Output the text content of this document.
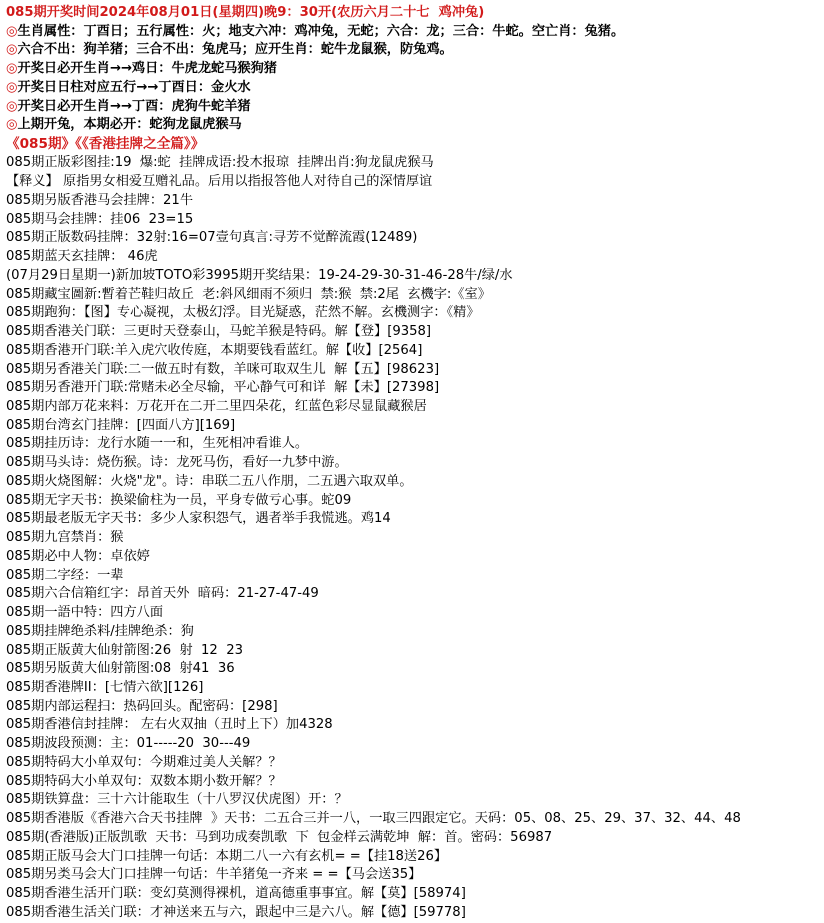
085期开奖时间2024年08月01日(星期四)晚9：30开(农历六月二十七  鸡冲兔)
◎生肖属性：丁酉日；五行属性：火；地支六冲：鸡冲兔，无蛇；六合：龙；三合：牛蛇。空亡肖：兔猪。
◎六合不出：狗羊猪；三合不出：兔虎马；应开生肖：蛇牛龙鼠猴，防兔鸡。
◎开奖日必开生肖→→鸡日：牛虎龙蛇马猴狗猪
◎开奖日日柱对应五行→→丁酉日：金火水
◎开奖日必开生肖→→丁酉：虎狗牛蛇羊猪
◎上期开兔，本期必开：蛇狗龙鼠虎猴马
《085期》《《香港挂牌之全篇》》
085期正版彩图挂:19  爆:蛇  挂牌成语:投木报琼  挂牌出肖:狗龙鼠虎猴马
【释义】 原指男女相爱互赠礼品。后用以指报答他人对待自己的深情厚谊
085期另版香港马会挂牌：21牛
085期马会挂牌：挂06  23=15
085期正版数码挂牌：32射:16=07壹句真言:寻芳不觉醉流霞(12489)
085期蓝天玄挂牌： 46虎
(07月29日星期一)新加坡TOTO彩3995期开奖结果：19-24-29-30-31-46-28牛/绿/水
085期藏宝圖新:暫着芒鞋归故丘  老:斜风细雨不须归  禁:猴  禁:2尾  玄機字:《室》
085期跑狗：【图】专心凝视，太极幻浮。目光疑惑，茫然不解。玄機测字：《精》
085期香港关门联：三更时天登泰山，马蛇羊猴是特码。解【登】[9358]
085期香港开门联:羊入虎穴收传庭，本期要钱看蓝红。解【收】[2564]
085期另香港关门联:二一做五时有数，羊咪可取双生儿  解【五】[98623]
085期另香港开门联:常赌未必全尽输，平心静气可和详  解【未】[27398]
085期内部万花来料：万花开在二开二里四朵花，红蓝色彩尽显鼠藏猴居
085期台湾玄门挂牌：[四面八方][169]
085期挂历诗：龙行水随一一和，生死相冲看谁人。
085期马头诗：烧伤猴。诗：龙死马伤，看好一九梦中游。
085期火烧图解：火烧"龙"。诗：串联二五八作朋，二五遇六取双单。
085期无字天书：换梁偷柱为一员，平身专做亏心事。蛇09
085期最老版无字天书：多少人家积怨气，遇者举手我慌逃。鸡14
085期九宫禁肖：猴
085期必中人物：卓依婷
085期二字经：一辈
085期六合信箱红字：昂首天外  暗码：21-27-47-49
085期一語中特：四方八面
085期挂牌绝杀料/挂牌绝杀：狗
085期正版黄大仙射箭图:26  射  12  23
085期另版黄大仙射箭图:08  射41  36
085期香港牌II：[七情六欲][126]
085期内部运程扫：热码回头。配密码：[298]
085期香港信封挂牌： 左右火双抽（丑时上下）加4328
085期波段预测：主：01-----20  30---49
085期特码大小单双句：今期难过美人关解？？
085期特码大小单双句：双数本期小数开解？？
085期铁算盘：三十六计能取生（十八罗汉伏虎图）开：？
085期香港版《香港六合天书挂牌  》天书：二五合三并一八，一取三四跟定它。天码：05、08、25、29、37、32、44、48
085期(香港版)正版凯歌  天书：马到功成奏凯歌  下  包金样云满乾坤  解：首。密码：56987
085期正版马会大门口挂牌一句话：本期二八一六有玄机= =【挂18送26】
085期另类马会大门口挂牌一句话：牛羊猪兔一齐来 = =【马会送35】
085期香港生活开门联：变幻莫测得裸机，道高德重事事宜。解【莫】[58974]
085期香港生活关门联：才神送来五与六，跟起中三是六八。解【德】[59778]
